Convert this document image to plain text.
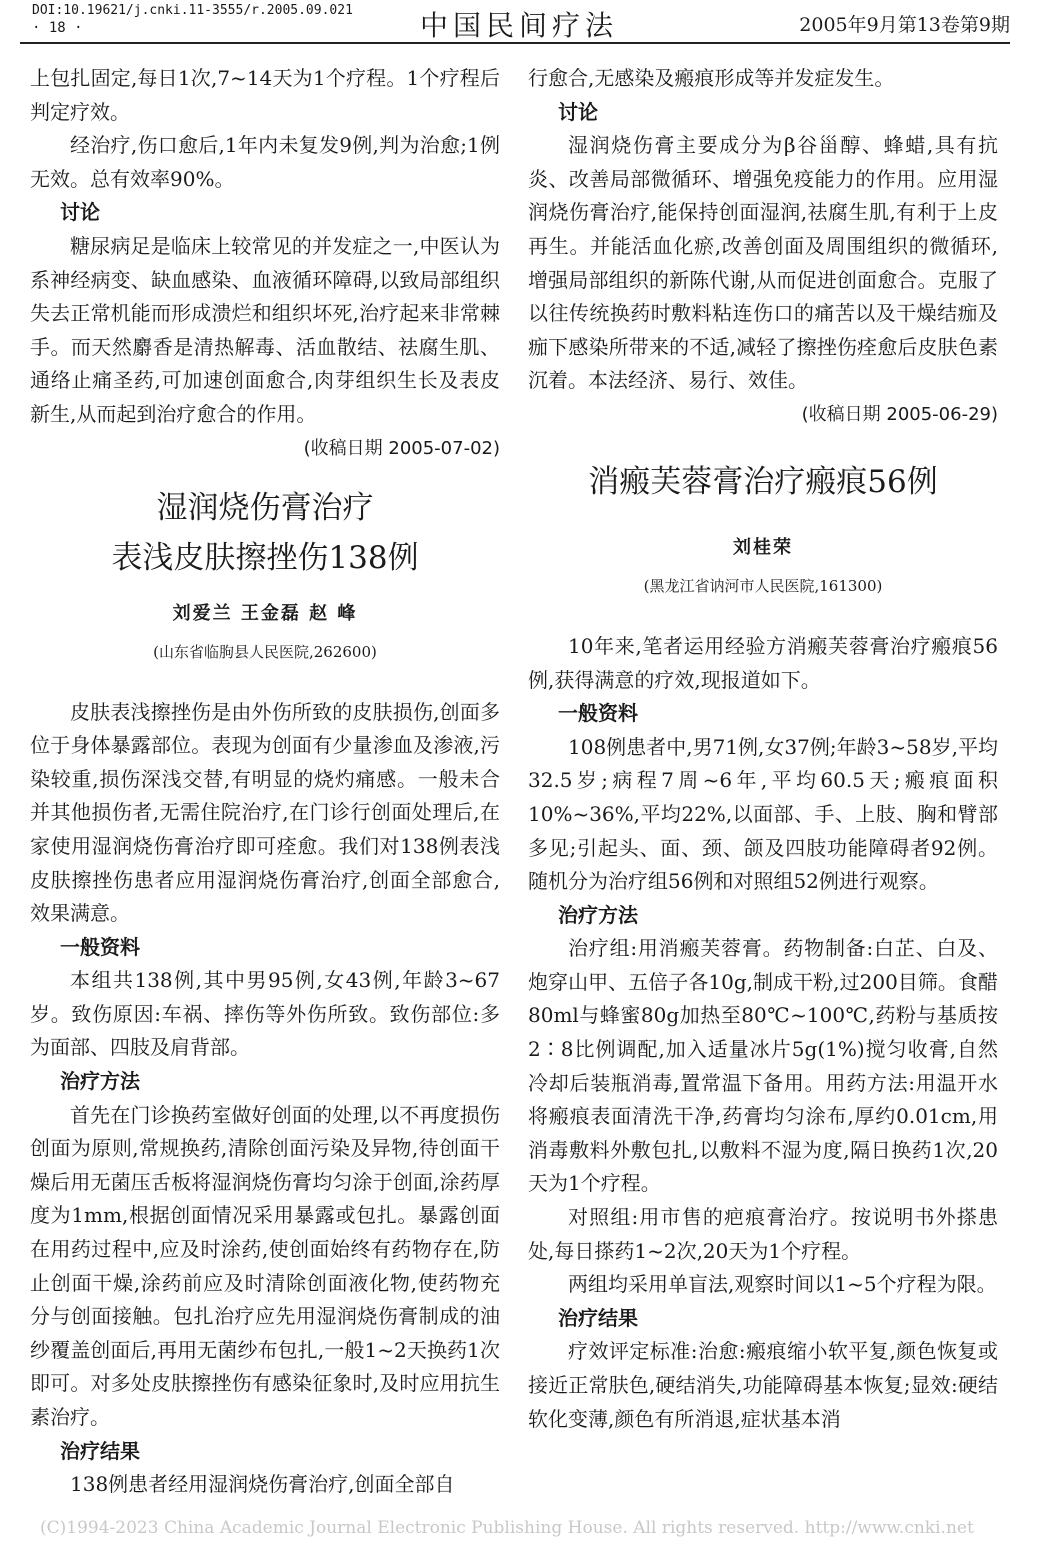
DOI:10.19621/j.cnki.11-3555/r.2005.09.021
· 18 ·	中国民间疗法	2005年9月第13卷第9期

上包扎固定,每日1次,7~14天为1个疗程。1个疗程后判定疗效。

经治疗,伤口愈后,1年内未复发9例,判为治愈;1例无效。总有效率90%。

讨论

糖尿病足是临床上较常见的并发症之一,中医认为系神经病变、缺血感染、血液循环障碍,以致局部组织失去正常机能而形成溃烂和组织坏死,治疗起来非常棘手。而天然麝香是清热解毒、活血散结、祛腐生肌、通络止痛圣药,可加速创面愈合,肉芽组织生长及表皮新生,从而起到治疗愈合的作用。

(收稿日期 2005-07-02)
湿润烧伤膏治疗
表浅皮肤擦挫伤138例
刘爱兰 王金磊 赵 峰
(山东省临朐县人民医院,262600)

皮肤表浅擦挫伤是由外伤所致的皮肤损伤,创面多位于身体暴露部位。表现为创面有少量渗血及渗液,污染较重,损伤深浅交替,有明显的烧灼痛感。一般未合并其他损伤者,无需住院治疗,在门诊行创面处理后,在家使用湿润烧伤膏治疗即可痊愈。我们对138例表浅皮肤擦挫伤患者应用湿润烧伤膏治疗,创面全部愈合,效果满意。

一般资料

本组共138例,其中男95例,女43例,年龄3~67岁。致伤原因:车祸、摔伤等外伤所致。致伤部位:多为面部、四肢及肩背部。

治疗方法

首先在门诊换药室做好创面的处理,以不再度损伤创面为原则,常规换药,清除创面污染及异物,待创面干燥后用无菌压舌板将湿润烧伤膏均匀涂于创面,涂药厚度为1mm,根据创面情况采用暴露或包扎。暴露创面在用药过程中,应及时涂药,使创面始终有药物存在,防止创面干燥,涂药前应及时清除创面液化物,使药物充分与创面接触。包扎治疗应先用湿润烧伤膏制成的油纱覆盖创面后,再用无菌纱布包扎,一般1~2天换药1次即可。对多处皮肤擦挫伤有感染征象时,及时应用抗生素治疗。

治疗结果

138例患者经用湿润烧伤膏治疗,创面全部自

行愈合,无感染及瘢痕形成等并发症发生。

讨论

湿润烧伤膏主要成分为β谷甾醇、蜂蜡,具有抗炎、改善局部微循环、增强免疫能力的作用。应用湿润烧伤膏治疗,能保持创面湿润,祛腐生肌,有利于上皮再生。并能活血化瘀,改善创面及周围组织的微循环,增强局部组织的新陈代谢,从而促进创面愈合。克服了以往传统换药时敷料粘连伤口的痛苦以及干燥结痂及痂下感染所带来的不适,减轻了擦挫伤痊愈后皮肤色素沉着。本法经济、易行、效佳。

(收稿日期 2005-06-29)
消瘢芙蓉膏治疗瘢痕56例
刘桂荣
(黑龙江省讷河市人民医院,161300)

10年来,笔者运用经验方消瘢芙蓉膏治疗瘢痕56例,获得满意的疗效,现报道如下。

一般资料

108例患者中,男71例,女37例;年龄3~58岁,平均32.5岁;病程7周~6年,平均60.5天;瘢痕面积10%~36%,平均22%,以面部、手、上肢、胸和臂部多见;引起头、面、颈、颌及四肢功能障碍者92例。随机分为治疗组56例和对照组52例进行观察。

治疗方法

治疗组:用消瘢芙蓉膏。药物制备:白芷、白及、炮穿山甲、五倍子各10g,制成干粉,过200目筛。食醋80ml与蜂蜜80g加热至80℃~100℃,药粉与基质按2∶8比例调配,加入适量冰片5g(1%)搅匀收膏,自然冷却后装瓶消毒,置常温下备用。用药方法:用温开水将瘢痕表面清洗干净,药膏均匀涂布,厚约0.01cm,用消毒敷料外敷包扎,以敷料不湿为度,隔日换药1次,20天为1个疗程。

对照组:用市售的疤痕膏治疗。按说明书外搽患处,每日搽药1~2次,20天为1个疗程。

两组均采用单盲法,观察时间以1~5个疗程为限。

治疗结果

疗效评定标准:治愈:瘢痕缩小软平复,颜色恢复或接近正常肤色,硬结消失,功能障碍基本恢复;显效:硬结软化变薄,颜色有所消退,症状基本消

(C)1994-2023 China Academic Journal Electronic Publishing House. All rights reserved. http://www.cnki.net
